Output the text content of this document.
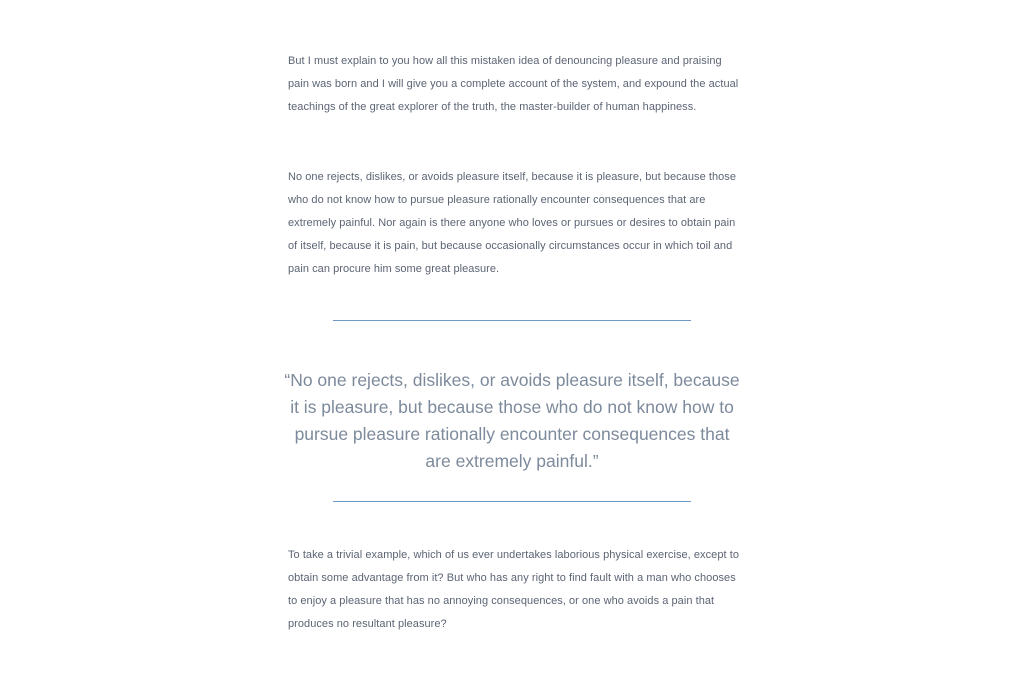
But I must explain to you how all this mistaken idea of denouncing pleasure and praising pain was born and I will give you a complete account of the system, and expound the actual teachings of the great explorer of the truth, the master-builder of human happiness.

No one rejects, dislikes, or avoids pleasure itself, because it is pleasure, but because those who do not know how to pursue pleasure rationally encounter consequences that are extremely painful. Nor again is there anyone who loves or pursues or desires to obtain pain of itself, because it is pain, but because occasionally circumstances occur in which toil and pain can procure him some great pleasure.

“No one rejects, dislikes, or avoids pleasure itself, because it is pleasure, but because those who do not know how to pursue pleasure rationally encounter consequences that are extremely painful.”

To take a trivial example, which of us ever undertakes laborious physical exercise, except to obtain some advantage from it? But who has any right to find fault with a man who chooses to enjoy a pleasure that has no annoying consequences, or one who avoids a pain that produces no resultant pleasure?
